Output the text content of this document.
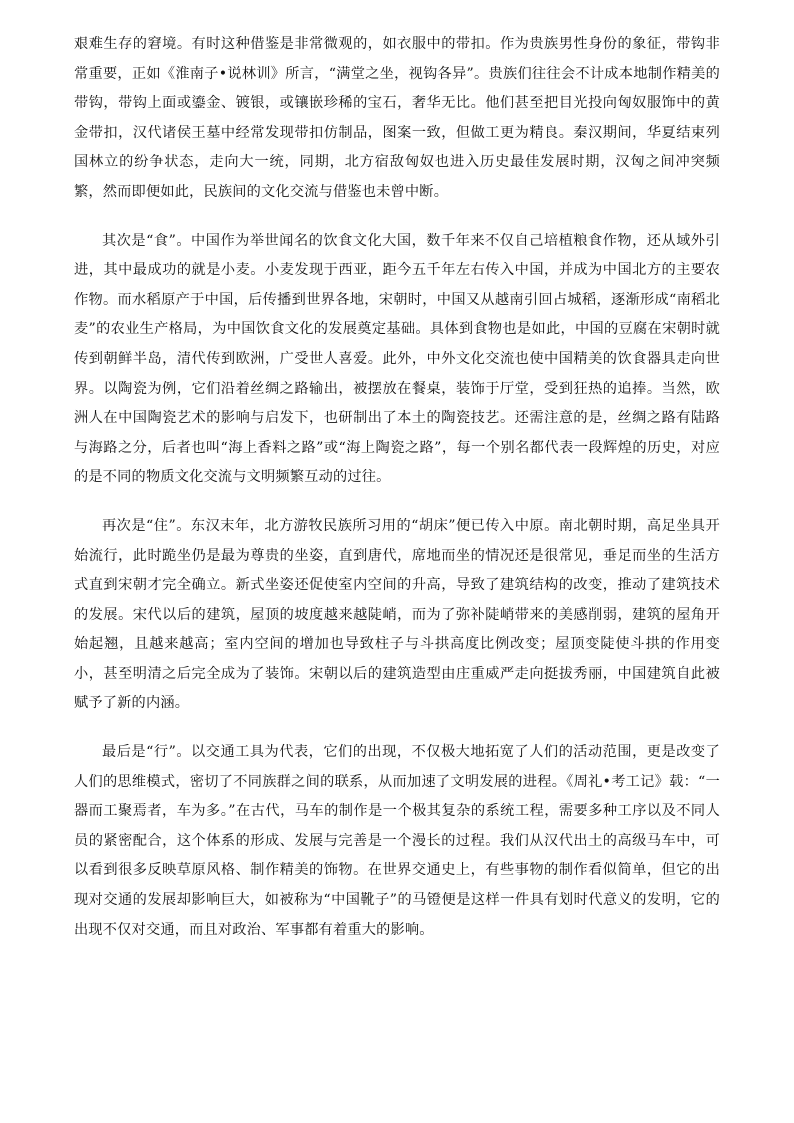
艰难生存的窘境。有时这种借鉴是非常微观的，如衣服中的带扣。作为贵族男性身份的象征，带钩非常重要，正如《淮南子•说林训》所言，“满堂之坐，视钩各异”。贵族们往往会不计成本地制作精美的带钩，带钩上面或鎏金、镀银，或镶嵌珍稀的宝石，奢华无比。他们甚至把目光投向匈奴服饰中的黄金带扣，汉代诸侯王墓中经常发现带扣仿制品，图案一致，但做工更为精良。秦汉期间，华夏结束列国林立的纷争状态，走向大一统，同期，北方宿敌匈奴也进入历史最佳发展时期，汉匈之间冲突频繁，然而即便如此，民族间的文化交流与借鉴也未曾中断。

其次是“食”。中国作为举世闻名的饮食文化大国，数千年来不仅自己培植粮食作物，还从域外引进，其中最成功的就是小麦。小麦发现于西亚，距今五千年左右传入中国，并成为中国北方的主要农作物。而水稻原产于中国，后传播到世界各地，宋朝时，中国又从越南引回占城稻，逐渐形成“南稻北麦”的农业生产格局，为中国饮食文化的发展奠定基础。具体到食物也是如此，中国的豆腐在宋朝时就传到朝鲜半岛，清代传到欧洲，广受世人喜爱。此外，中外文化交流也使中国精美的饮食器具走向世界。以陶瓷为例，它们沿着丝绸之路输出，被摆放在餐桌，装饰于厅堂，受到狂热的追捧。当然，欧洲人在中国陶瓷艺术的影响与启发下，也研制出了本土的陶瓷技艺。还需注意的是，丝绸之路有陆路与海路之分，后者也叫“海上香料之路”或“海上陶瓷之路”，每一个别名都代表一段辉煌的历史，对应的是不同的物质文化交流与文明频繁互动的过往。

再次是“住”。东汉末年，北方游牧民族所习用的“胡床”便已传入中原。南北朝时期，高足坐具开始流行，此时跪坐仍是最为尊贵的坐姿，直到唐代，席地而坐的情况还是很常见，垂足而坐的生活方式直到宋朝才完全确立。新式坐姿还促使室内空间的升高，导致了建筑结构的改变，推动了建筑技术的发展。宋代以后的建筑，屋顶的坡度越来越陡峭，而为了弥补陡峭带来的美感削弱，建筑的屋角开始起翘，且越来越高；室内空间的增加也导致柱子与斗拱高度比例改变；屋顶变陡使斗拱的作用变小，甚至明清之后完全成为了装饰。宋朝以后的建筑造型由庄重威严走向挺拔秀丽，中国建筑自此被赋予了新的内涵。

最后是“行”。以交通工具为代表，它们的出现，不仅极大地拓宽了人们的活动范围，更是改变了人们的思维模式，密切了不同族群之间的联系，从而加速了文明发展的进程。《周礼•考工记》载：“一器而工聚焉者，车为多。”在古代，马车的制作是一个极其复杂的系统工程，需要多种工序以及不同人员的紧密配合，这个体系的形成、发展与完善是一个漫长的过程。我们从汉代出土的高级马车中，可以看到很多反映草原风格、制作精美的饰物。在世界交通史上，有些事物的制作看似简单，但它的出现对交通的发展却影响巨大，如被称为“中国靴子”的马镫便是这样一件具有划时代意义的发明，它的出现不仅对交通，而且对政治、军事都有着重大的影响。
